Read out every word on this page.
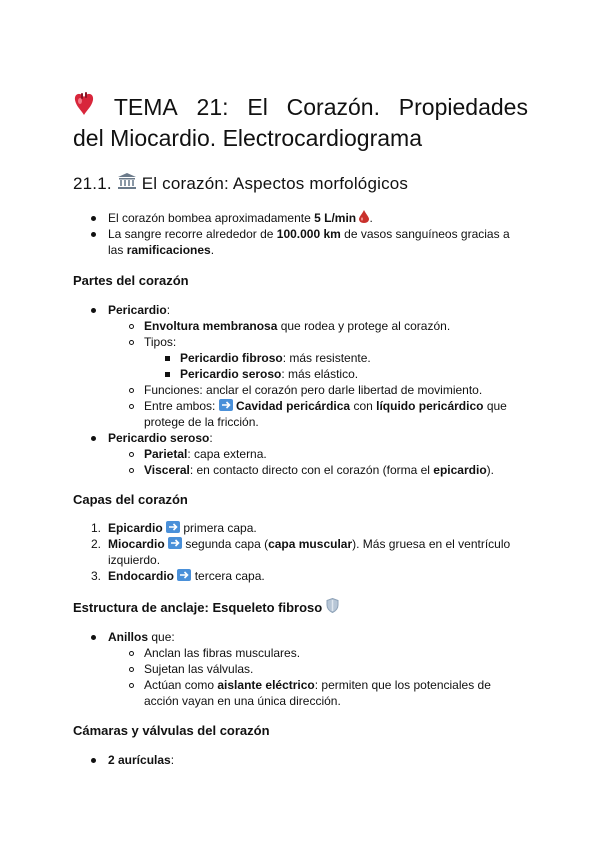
TEMA 21: El Corazón. Propiedades
del Miocardio. Electrocardiograma
21.1. El corazón: Aspectos morfológicos
El corazón bombea aproximadamente 5 L/min .
La sangre recorre alrededor de 100.000 km de vasos sanguíneos gracias a
las ramificaciones.
Partes del corazón
Pericardio:
Envoltura membranosa que rodea y protege al corazón.
Tipos:
Pericardio fibroso: más resistente.
Pericardio seroso: más elástico.
Funciones: anclar el corazón pero darle libertad de movimiento.
Entre ambos:  Cavidad pericárdica con líquido pericárdico que
protege de la fricción.
Pericardio seroso:
Parietal: capa externa.
Visceral: en contacto directo con el corazón (forma el epicardio).
Capas del corazón
1. Epicardio  primera capa.
2. Miocardio  segunda capa (capa muscular). Más gruesa en el ventrículo
izquierdo.
3. Endocardio  tercera capa.
Estructura de anclaje: Esqueleto fibroso
Anillos que:
Anclan las fibras musculares.
Sujetan las válvulas.
Actúan como aislante eléctrico: permiten que los potenciales de
acción vayan en una única dirección.
Cámaras y válvulas del corazón
2 aurículas:
